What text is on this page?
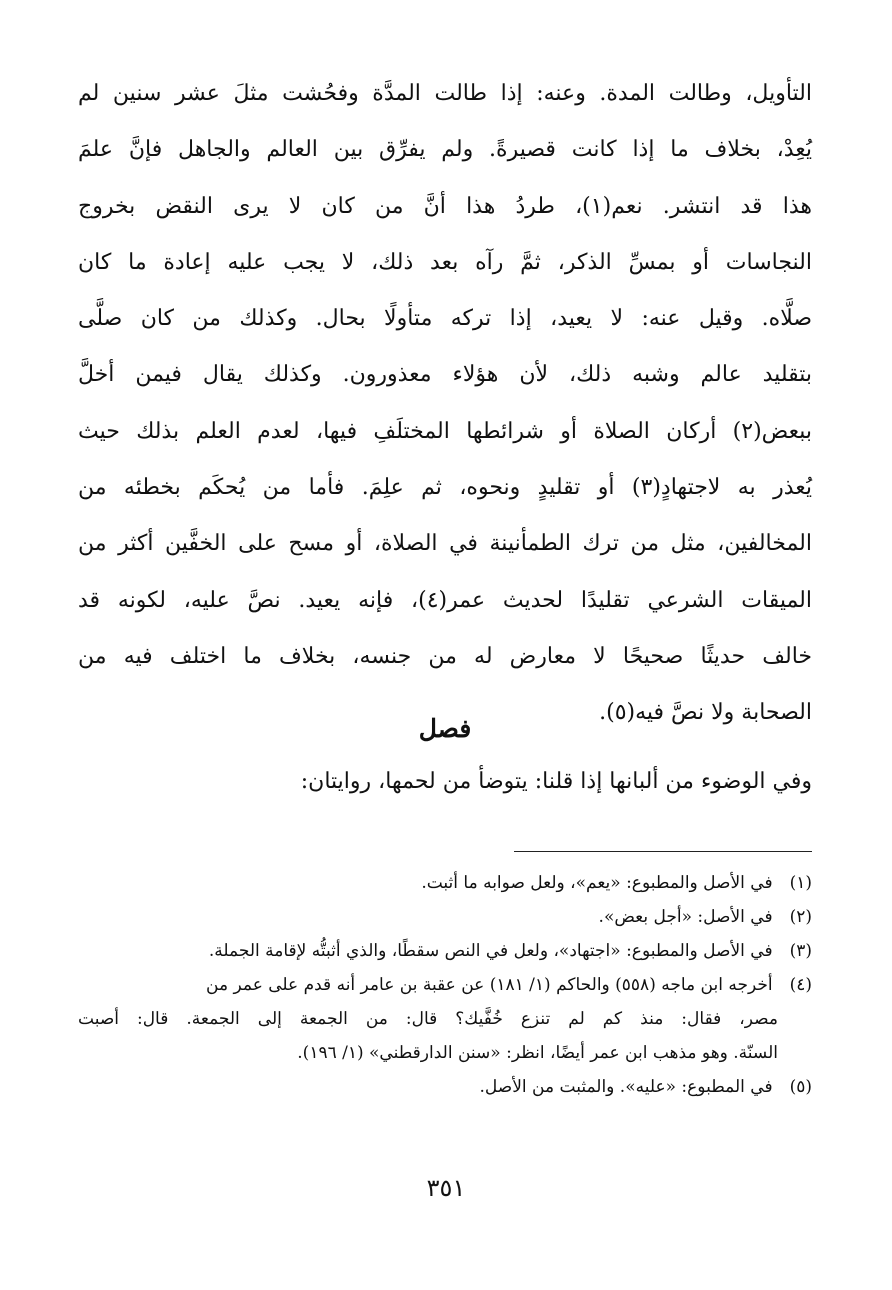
التأويل، وطالت المدة. وعنه: إذا طالت المدَّة وفحُشت مثلَ عشر سنين لم
يُعِدْ، بخلاف ما إذا كانت قصيرةً. ولم يفرِّق بين العالم والجاهل فإنَّ علمَ
هذا قد انتشر. نعم(١)، طردُ هذا أنَّ من كان لا يرى النقض بخروج
النجاسات أو بمسِّ الذكر، ثمَّ رآه بعد ذلك، لا يجب عليه إعادة ما كان
صلَّاه. وقيل عنه: لا يعيد، إذا تركه متأولًا بحال. وكذلك من كان صلَّى
بتقليد عالم وشبه ذلك، لأن هؤلاء معذورون. وكذلك يقال فيمن أخلَّ
ببعض(٢) أركان الصلاة أو شرائطها المختلَفِ فيها، لعدم العلم بذلك حيث
يُعذر به لاجتهادٍ(٣) أو تقليدٍ ونحوه، ثم علِمَ. فأما من يُحكَم بخطئه من
المخالفين، مثل من ترك الطمأنينة في الصلاة، أو مسح على الخفَّين أكثر من
الميقات الشرعي تقليدًا لحديث عمر(٤)، فإنه يعيد. نصَّ عليه، لكونه قد
خالف حديثًا صحيحًا لا معارض له من جنسه، بخلاف ما اختلف فيه من
الصحابة ولا نصَّ فيه(٥).
فصل
وفي الوضوء من ألبانها إذا قلنا: يتوضأ من لحمها، روايتان:
(١) في الأصل والمطبوع: «يعم»، ولعل صوابه ما أثبت.
(٢) في الأصل: «أجل بعض».
(٣) في الأصل والمطبوع: «اجتهاد»، ولعل في النص سقطًا، والذي أثبتُّه لإقامة الجملة.
(٤) أخرجه ابن ماجه (٥٥٨) والحاكم (١/ ١٨١) عن عقبة بن عامر أنه قدم على عمر من
مصر، فقال: منذ كم لم تنزع خُفَّيك؟ قال: من الجمعة إلى الجمعة. قال: أصبت
السنّة. وهو مذهب ابن عمر أيضًا، انظر: «سنن الدارقطني» (١/ ١٩٦).
(٥) في المطبوع: «عليه». والمثبت من الأصل.
٣٥١
